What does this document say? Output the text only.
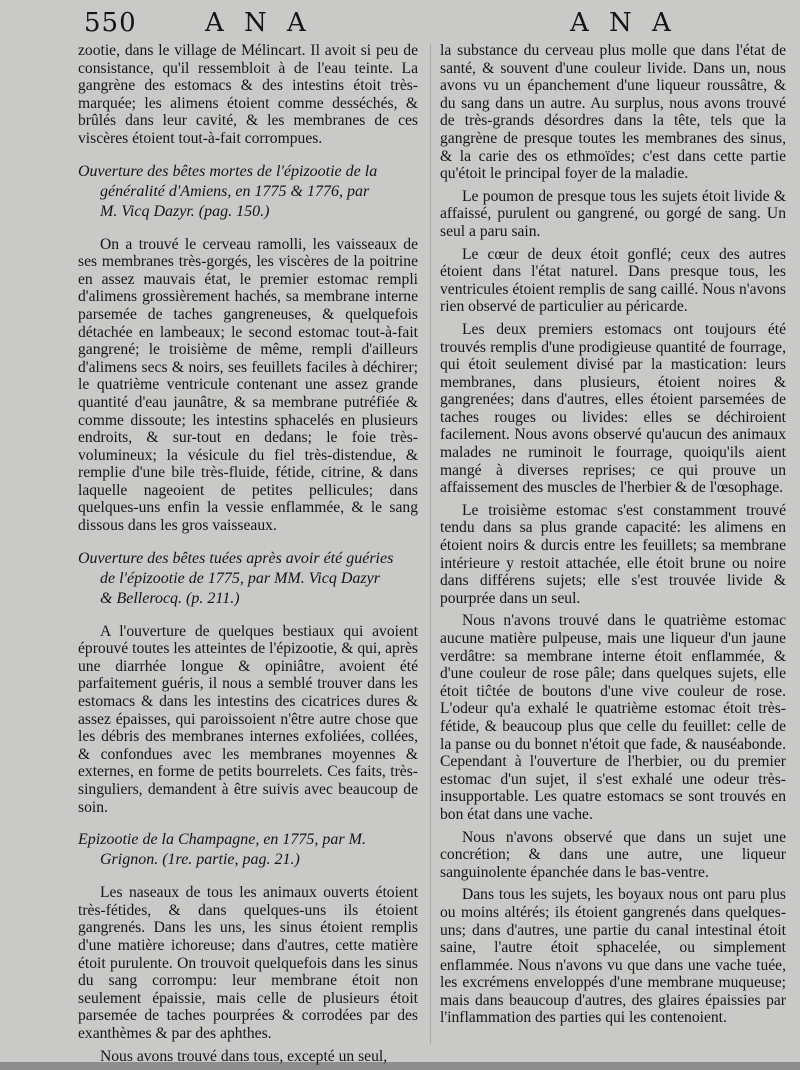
550	A N A	A N A

zootie, dans le village de Mélincart. Il avoit si peu de consistance, qu'il ressembloit à de l'eau teinte. La gangrène des estomacs & des intestins étoit très-marquée; les alimens étoient comme desséchés, & brûlés dans leur cavité, & les membranes de ces viscères étoient tout-à-fait corrompues.

Ouverture des bêtes mortes de l'épizootie de la
généralité d'Amiens, en 1775 & 1776, par
M. Vicq Dazyr. (pag. 150.)

On a trouvé le cerveau ramolli, les vaisseaux de ses membranes très-gorgés, les viscères de la poitrine en assez mauvais état, le premier estomac rempli d'alimens grossièrement hachés, sa membrane interne parsemée de taches gangreneuses, & quelquefois détachée en lambeaux; le second estomac tout-à-fait gangrené; le troisième de même, rempli d'ailleurs d'alimens secs & noirs, ses feuillets faciles à déchirer; le quatrième ventricule contenant une assez grande quantité d'eau jaunâtre, & sa membrane putréfiée & comme dissoute; les intestins sphacelés en plusieurs endroits, & sur-tout en dedans; le foie très-volumineux; la vésicule du fiel très-distendue, & remplie d'une bile très-fluide, fétide, citrine, & dans laquelle nageoient de petites pellicules; dans quelques-uns enfin la vessie enflammée, & le sang dissous dans les gros vaisseaux.

Ouverture des bêtes tuées après avoir été guéries
de l'épizootie de 1775, par MM. Vicq Dazyr
& Bellerocq. (p. 211.)

A l'ouverture de quelques bestiaux qui avoient éprouvé toutes les atteintes de l'épizootie, & qui, après une diarrhée longue & opiniâtre, avoient été parfaitement guéris, il nous a semblé trouver dans les estomacs & dans les intestins des cicatrices dures & assez épaisses, qui paroissoient n'être autre chose que les débris des membranes internes exfoliées, collées, & confondues avec les membranes moyennes & externes, en forme de petits bourrelets. Ces faits, très-singuliers, demandent à être suivis avec beaucoup de soin.

Epizootie de la Champagne, en 1775, par M.
Grignon. (1re. partie, pag. 21.)

Les naseaux de tous les animaux ouverts étoient très-fétides, & dans quelques-uns ils étoient gangrenés. Dans les uns, les sinus étoient remplis d'une matière ichoreuse; dans d'autres, cette matière étoit purulente. On trouvoit quelquefois dans les sinus du sang corrompu: leur membrane étoit non seulement épaissie, mais celle de plusieurs étoit parsemée de taches pourprées & corrodées par des exanthèmes & par des aphthes.

Nous avons trouvé dans tous, excepté un seul,

la substance du cerveau plus molle que dans l'état de santé, & souvent d'une couleur livide. Dans un, nous avons vu un épanchement d'une liqueur roussâtre, & du sang dans un autre. Au surplus, nous avons trouvé de très-grands désordres dans la tête, tels que la gangrène de presque toutes les membranes des sinus, & la carie des os ethmoïdes; c'est dans cette partie qu'étoit le principal foyer de la maladie.

Le poumon de presque tous les sujets étoit livide & affaissé, purulent ou gangrené, ou gorgé de sang. Un seul a paru sain.

Le cœur de deux étoit gonflé; ceux des autres étoient dans l'état naturel. Dans presque tous, les ventricules étoient remplis de sang caillé. Nous n'avons rien observé de particulier au péricarde.

Les deux premiers estomacs ont toujours été trouvés remplis d'une prodigieuse quantité de fourrage, qui étoit seulement divisé par la mastication: leurs membranes, dans plusieurs, étoient noires & gangrenées; dans d'autres, elles étoient parsemées de taches rouges ou livides: elles se déchiroient facilement. Nous avons observé qu'aucun des animaux malades ne ruminoit le fourrage, quoiqu'ils aient mangé à diverses reprises; ce qui prouve un affaissement des muscles de l'herbier & de l'œsophage.

Le troisième estomac s'est constamment trouvé tendu dans sa plus grande capacité: les alimens en étoient noirs & durcis entre les feuillets; sa membrane intérieure y restoit attachée, elle étoit brune ou noire dans différens sujets; elle s'est trouvée livide & pourprée dans un seul.

Nous n'avons trouvé dans le quatrième estomac aucune matière pulpeuse, mais une liqueur d'un jaune verdâtre: sa membrane interne étoit enflammée, & d'une couleur de rose pâle; dans quelques sujets, elle étoit tiĉtée de boutons d'une vive couleur de rose. L'odeur qu'a exhalé le quatrième estomac étoit très-fétide, & beaucoup plus que celle du feuillet: celle de la panse ou du bonnet n'étoit que fade, & nauséabonde. Cependant à l'ouverture de l'herbier, ou du premier estomac d'un sujet, il s'est exhalé une odeur très-insupportable. Les quatre estomacs se sont trouvés en bon état dans une vache.

Nous n'avons observé que dans un sujet une concrétion; & dans une autre, une liqueur sanguinolente épanchée dans le bas-ventre.

Dans tous les sujets, les boyaux nous ont paru plus ou moins altérés; ils étoient gangrenés dans quelques-uns; dans d'autres, une partie du canal intestinal étoit saine, l'autre étoit sphacelée, ou simplement enflammée. Nous n'avons vu que dans une vache tuée, les excrémens enveloppés d'une membrane muqueuse; mais dans beaucoup d'autres, des glaires épaissies par l'inflammation des parties qui les contenoient.
